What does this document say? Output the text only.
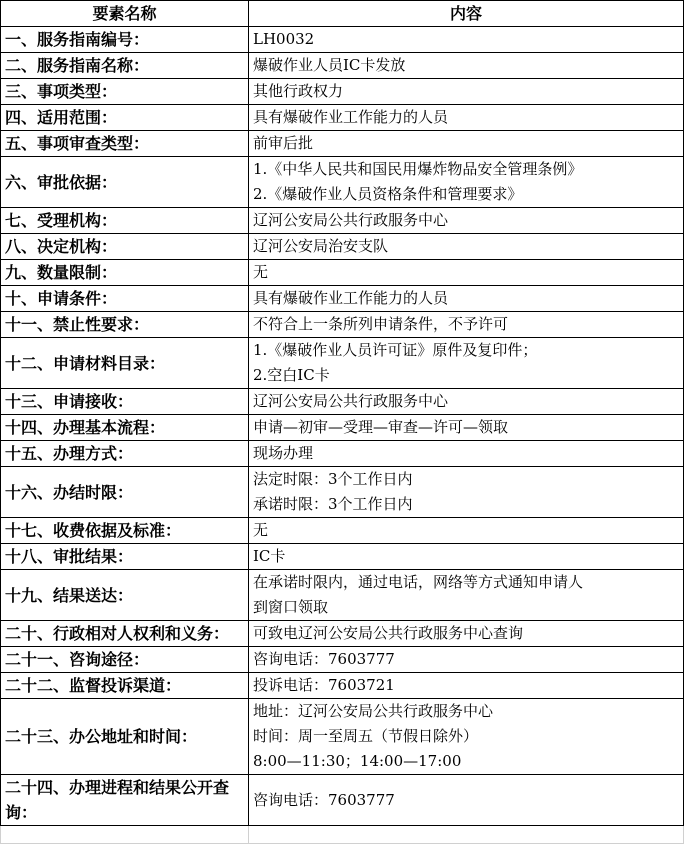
要素名称	内容
一、服务指南编号：	LH0032

二、服务指南名称：	爆破作业人员IC卡发放

三、事项类型：	其他行政权力

四、适用范围：	具有爆破作业工作能力的人员

五、事项审查类型：	前审后批

六、审批依据：	1.《中华人民共和国民用爆炸物品安全管理条例》
2.《爆破作业人员资格条件和管理要求》

七、受理机构：	辽河公安局公共行政服务中心

八、决定机构：	辽河公安局治安支队

九、数量限制：	无

十、申请条件：	具有爆破作业工作能力的人员

十一、禁止性要求：	不符合上一条所列申请条件，不予许可

十二、申请材料目录：	1.《爆破作业人员许可证》原件及复印件；
2.空白IC卡

十三、申请接收：	辽河公安局公共行政服务中心

十四、办理基本流程：	申请—初审—受理—审查—许可—领取

十五、办理方式：	现场办理

十六、办结时限：	法定时限：3个工作日内
承诺时限：3个工作日内

十七、收费依据及标准：	无

十八、审批结果：	IC卡

十九、结果送达：	在承诺时限内，通过电话，网络等方式通知申请人
到窗口领取

二十、行政相对人权利和义务：	可致电辽河公安局公共行政服务中心查询

二十一、咨询途径：	咨询电话：7603777

二十二、监督投诉渠道：	投诉电话：7603721

二十三、办公地址和时间：	地址：辽河公安局公共行政服务中心
时间：周一至周五（节假日除外）
8:00—11:30；14:00—17:00

二十四、办理进程和结果公开查询：	咨询电话：7603777
